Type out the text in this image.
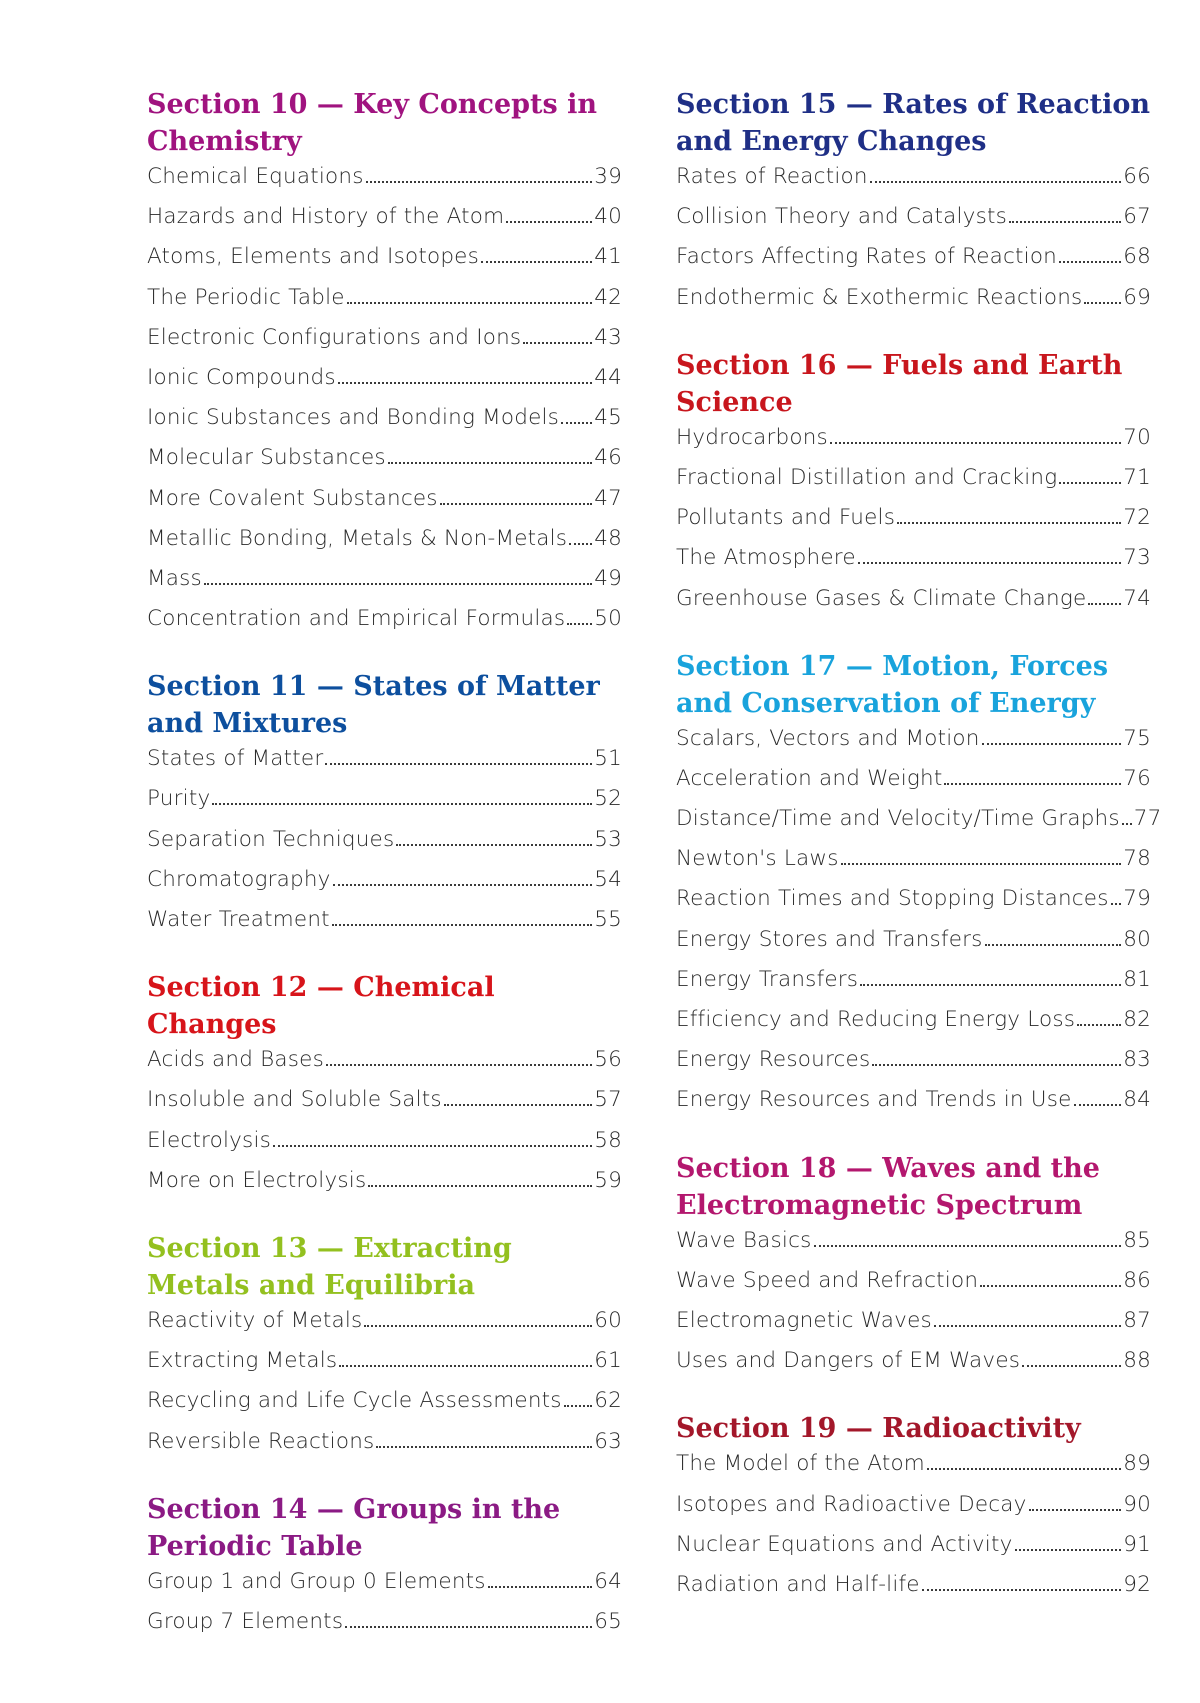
Section 10 — Key Concepts in Chemistry
Chemical Equations	39
Hazards and History of the Atom	40
Atoms, Elements and Isotopes	41
The Periodic Table	42
Electronic Configurations and Ions	43
Ionic Compounds	44
Ionic Substances and Bonding Models 45
Molecular Substances	46
More Covalent Substances	47
Metallic Bonding, Metals & Non-Metals 48
Mass	49
Concentration and Empirical Formulas 50
Section 11 — States of Matter and Mixtures
States of Matter	51
Purity	52
Separation Techniques	53
Chromatography	54
Water Treatment	55
Section 12 — Chemical Changes
Acids and Bases	56
Insoluble and Soluble Salts	57
Electrolysis	58
More on Electrolysis	59
Section 13 — Extracting Metals and Equilibria
Reactivity of Metals	60
Extracting Metals	61
Recycling and Life Cycle Assessments 62
Reversible Reactions	63
Section 14 — Groups in the Periodic Table
Group 1 and Group 0 Elements	64
Group 7 Elements	65
Section 15 — Rates of Reaction and Energy Changes
Rates of Reaction	66
Collision Theory and Catalysts	67
Factors Affecting Rates of Reaction	68
Endothermic & Exothermic Reactions 69
Section 16 — Fuels and Earth Science
Hydrocarbons	70
Fractional Distillation and Cracking	71
Pollutants and Fuels	72
The Atmosphere	73
Greenhouse Gases & Climate Change 74
Section 17 — Motion, Forces and Conservation of Energy
Scalars, Vectors and Motion	75
Acceleration and Weight	76
Distance/Time and Velocity/Time Graphs 77
Newton's Laws	78
Reaction Times and Stopping Distances 79
Energy Stores and Transfers	80
Energy Transfers	81
Efficiency and Reducing Energy Loss 82
Energy Resources	83
Energy Resources and Trends in Use 84
Section 18 — Waves and the Electromagnetic Spectrum
Wave Basics	85
Wave Speed and Refraction	86
Electromagnetic Waves	87
Uses and Dangers of EM Waves	88
Section 19 — Radioactivity
The Model of the Atom	89
Isotopes and Radioactive Decay	90
Nuclear Equations and Activity	91
Radiation and Half-life	92
